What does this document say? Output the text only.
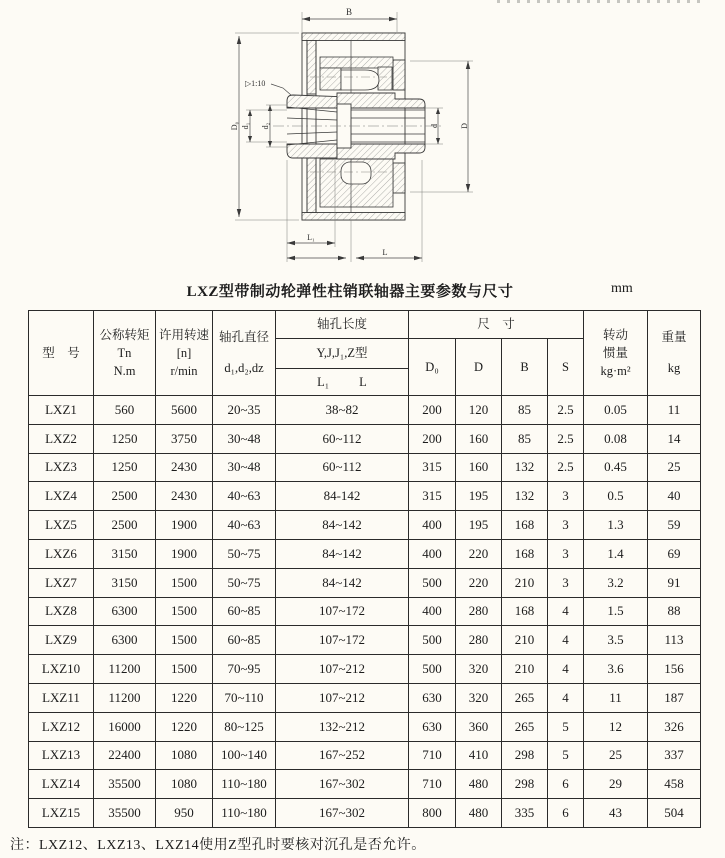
B
▷1:10
D₀ d₁ d₂	d	D
L₁
L
LXZ型带制动轮弹性柱销联轴器主要参数与尺寸	mm
型　号	
公称转矩Tn
N.m

许用转速
[n]
r/min

轴孔直径
d₁,d₂,dz
	轴孔长度	尺　寸	
转动
惯量
kg·m²

重量
kg

				Y,J,J₁,Z型	D₀	D	B	S		

				L₁ L						

LXZ1	560	5600	20~35	38~82	200	120	85	2.5	0.05	11
LXZ2	1250	3750	30~48	60~112	200	160	85	2.5	0.08	14
LXZ3	1250	2430	30~48	60~112	315	160	132	2.5	0.45	25
LXZ4	2500	2430	40~63	84-142	315	195	132	3	0.5	40
LXZ5	2500	1900	40~63	84~142	400	195	168	3	1.3	59
LXZ6	3150	1900	50~75	84~142	400	220	168	3	1.4	69
LXZ7	3150	1500	50~75	84~142	500	220	210	3	3.2	91
LXZ8	6300	1500	60~85	107~172	400	280	168	4	1.5	88
LXZ9	6300	1500	60~85	107~172	500	280	210	4	3.5	113
LXZ10	11200	1500	70~95	107~212	500	320	210	4	3.6	156
LXZ11	11200	1220	70~110	107~212	630	320	265	4	11	187
LXZ12	16000	1220	80~125	132~212	630	360	265	5	12	326
LXZ13	22400	1080	100~140	167~252	710	410	298	5	25	337
LXZ14	35500	1080	110~180	167~302	710	480	298	6	29	458
LXZ15	35500	950	110~180	167~302	800	480	335	6	43	504
注：LXZ12、LXZ13、LXZ14使用Z型孔时要核对沉孔是否允许。
